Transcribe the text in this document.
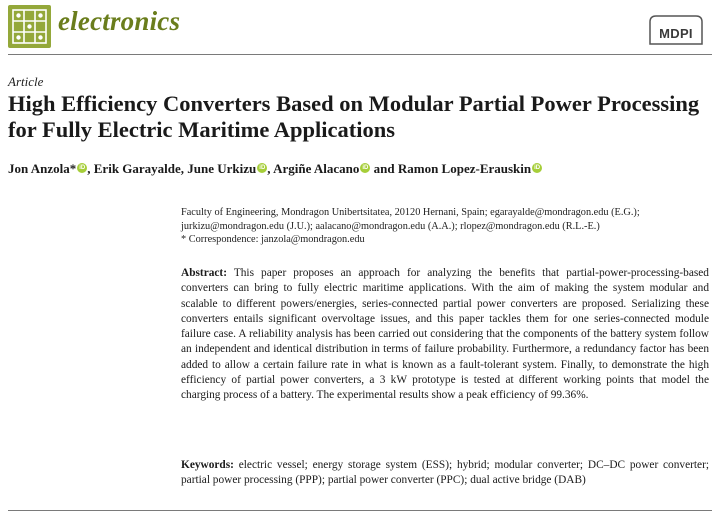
electronics	MDPI
Article
High Efficiency Converters Based on Modular Partial Power Processing for Fully Electric Maritime Applications
Jon Anzola* iD , Erik Garayalde, June Urkizu iD , Argiñe Alacano iD and Ramon Lopez-Erauskin iD
Faculty of Engineering, Mondragon Unibertsitatea, 20120 Hernani, Spain; egarayalde@mondragon.edu (E.G.);
jurkizu@mondragon.edu (J.U.); aalacano@mondragon.edu (A.A.); rlopez@mondragon.edu (R.L.-E.)
* Correspondence: janzola@mondragon.edu
Abstract: This paper proposes an approach for analyzing the benefits that partial-power-processing-based converters can bring to fully electric maritime applications. With the aim of making the system modular and scalable to different powers/energies, series-connected partial power converters are proposed. Serializing these converters entails significant overvoltage issues, and this paper tackles them for one series-connected module failure case. A reliability analysis has been carried out considering that the components of the battery system follow an independent and identical distribution in terms of failure probability. Furthermore, a redundancy factor has been added to allow a certain failure rate in what is known as a fault-tolerant system. Finally, to demonstrate the high efficiency of partial power converters, a 3 kW prototype is tested at different working points that model the charging process of a battery. The experimental results show a peak efficiency of 99.36%.
Keywords: electric vessel; energy storage system (ESS); hybrid; modular converter; DC–DC power converter; partial power processing (PPP); partial power converter (PPC); dual active bridge (DAB)
